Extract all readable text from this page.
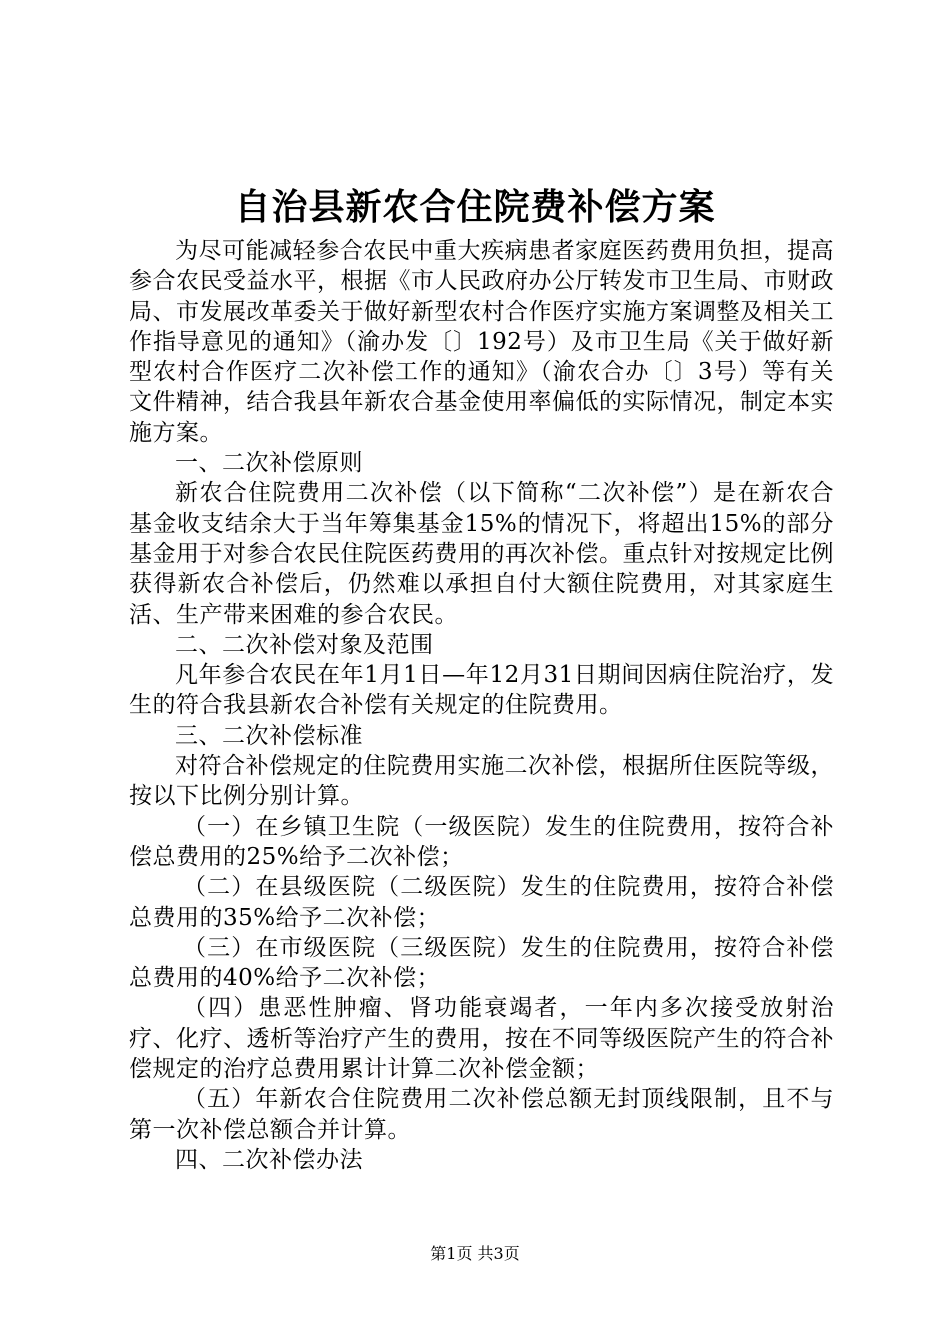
自治县新农合住院费补偿方案

为尽可能减轻参合农民中重大疾病患者家庭医药费用负担，提高参合农民受益水平，根据《市人民政府办公厅转发市卫生局、市财政局、市发展改革委关于做好新型农村合作医疗实施方案调整及相关工作指导意见的通知》（渝办发〔〕192号）及市卫生局《关于做好新型农村合作医疗二次补偿工作的通知》（渝农合办〔〕3号）等有关文件精神，结合我县年新农合基金使用率偏低的实际情况，制定本实施方案。

一、二次补偿原则

新农合住院费用二次补偿（以下简称“二次补偿”）是在新农合基金收支结余大于当年筹集基金15%的情况下，将超出15%的部分基金用于对参合农民住院医药费用的再次补偿。重点针对按规定比例获得新农合补偿后，仍然难以承担自付大额住院费用，对其家庭生活、生产带来困难的参合农民。

二、二次补偿对象及范围

凡年参合农民在年1月1日—年12月31日期间因病住院治疗，发生的符合我县新农合补偿有关规定的住院费用。

三、二次补偿标准

对符合补偿规定的住院费用实施二次补偿，根据所住医院等级，按以下比例分别计算。

（一）在乡镇卫生院（一级医院）发生的住院费用，按符合补偿总费用的25%给予二次补偿；

（二）在县级医院（二级医院）发生的住院费用，按符合补偿总费用的35%给予二次补偿；

（三）在市级医院（三级医院）发生的住院费用，按符合补偿总费用的40%给予二次补偿；

（四）患恶性肿瘤、肾功能衰竭者，一年内多次接受放射治疗、化疗、透析等治疗产生的费用，按在不同等级医院产生的符合补偿规定的治疗总费用累计计算二次补偿金额；

（五）年新农合住院费用二次补偿总额无封顶线限制，且不与第一次补偿总额合并计算。

四、二次补偿办法

第1页 共3页
